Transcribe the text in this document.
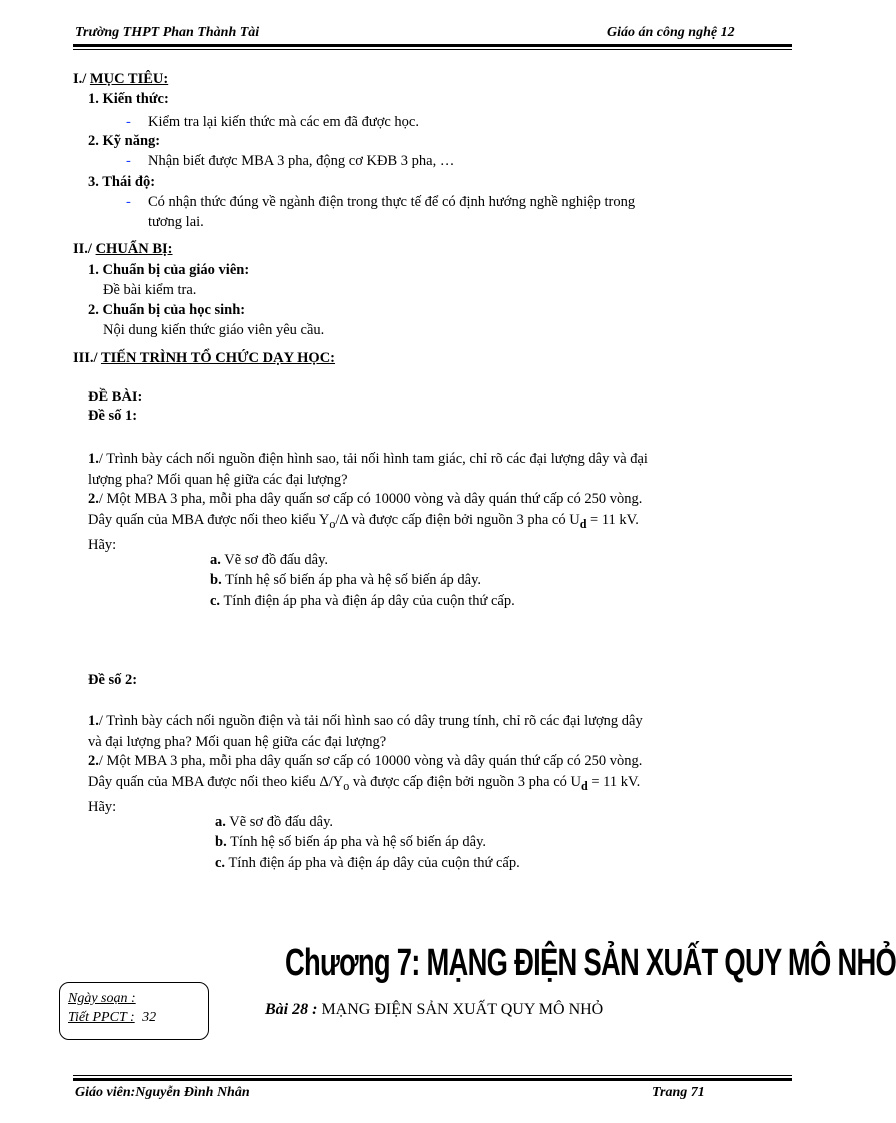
Trường THPT Phan Thành Tài	Giáo án công nghệ 12
I./ MỤC TIÊU:
1. Kiến thức:
- Kiểm tra lại kiến thức mà các em đã được học.
2. Kỹ năng:
- Nhận biết được MBA 3 pha, động cơ KĐB 3 pha, …
3. Thái độ:
- Có nhận thức đúng về ngành điện trong thực tế để có định hướng nghề nghiệp trong
tương lai.
II./ CHUẨN BỊ:
1. Chuẩn bị của giáo viên:
Đề bài kiểm tra.
2. Chuẩn bị của học sinh:
Nội dung kiến thức giáo viên yêu cầu.
III./ TIẾN TRÌNH TỔ CHỨC DẠY HỌC:
ĐỀ BÀI:
Đề số 1:
1./ Trình bày cách nối nguồn điện hình sao, tải nối hình tam giác, chỉ rõ các đại lượng dây và đại
lượng pha? Mối quan hệ giữa các đại lượng?
2./ Một MBA 3 pha, mỗi pha dây quấn sơ cấp có 10000 vòng và dây quán thứ cấp có 250 vòng.
Dây quấn của MBA được nối theo kiểu $Y_o/\Delta$ và được cấp điện bởi nguồn 3 pha có $U_d = 11$ kV.
Hãy:
a. Vẽ sơ đồ đấu dây.
b. Tính hệ số biến áp pha và hệ số biến áp dây.
c. Tính điện áp pha và điện áp dây của cuộn thứ cấp.
Đề số 2:
1./ Trình bày cách nối nguồn điện và tải nối hình sao có dây trung tính, chỉ rõ các đại lượng dây
và đại lượng pha? Mối quan hệ giữa các đại lượng?
2./ Một MBA 3 pha, mỗi pha dây quấn sơ cấp có 10000 vòng và dây quán thứ cấp có 250 vòng.
Dây quấn của MBA được nối theo kiểu $\Delta/Y_o$ và được cấp điện bởi nguồn 3 pha có $U_d = 11$ kV.
Hãy:
a. Vẽ sơ đồ đấu dây.
b. Tính hệ số biến áp pha và hệ số biến áp dây.
c. Tính điện áp pha và điện áp dây của cuộn thứ cấp.
Chương 7: MẠNG ĐIỆN SẢN XUẤT QUY MÔ NHỎ
Ngày soạn :
Tiết PPCT : 32	Bài 28 : MẠNG ĐIỆN SẢN XUẤT QUY MÔ NHỎ
Giáo viên:Nguyễn Đình Nhân	Trang 71
